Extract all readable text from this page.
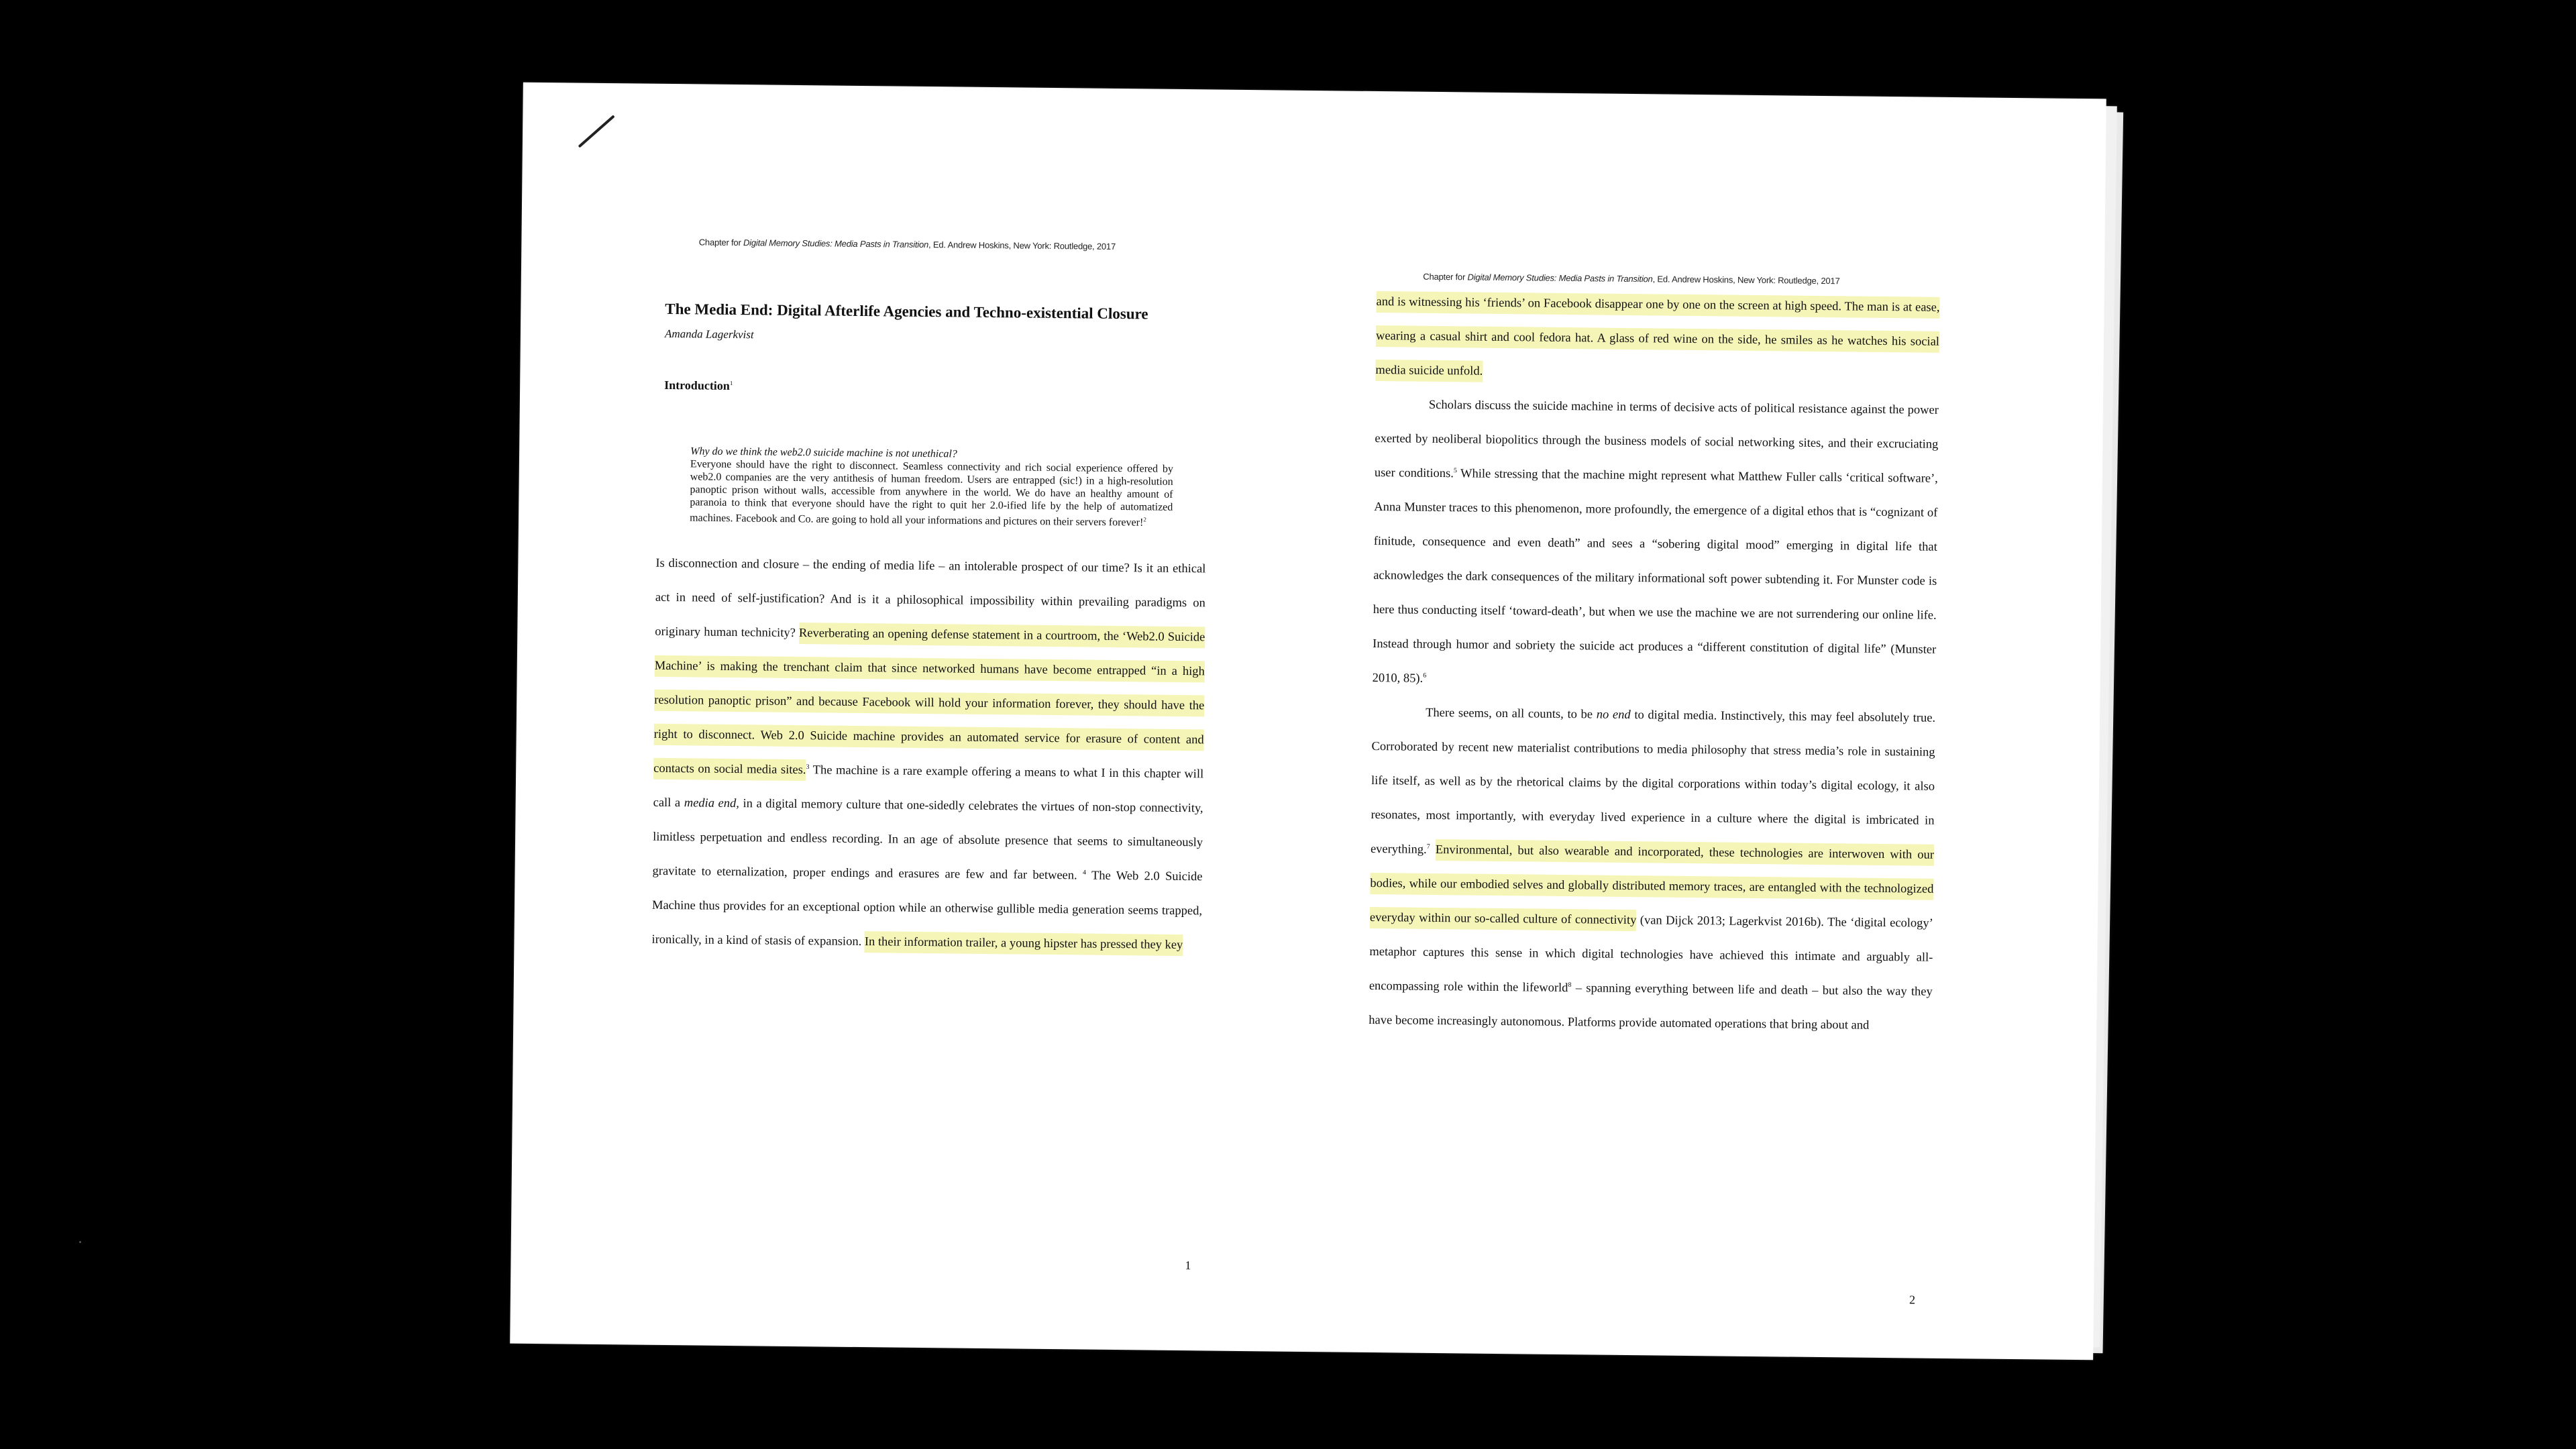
Chapter for Digital Memory Studies: Media Pasts in Transition, Ed. Andrew Hoskins, New York: Routledge, 2017
The Media End: Digital Afterlife Agencies and Techno-existential Closure
Amanda Lagerkvist
Introduction$^1$
Why do we think the web2.0 suicide machine is not unethical?
Everyone should have the right to disconnect. Seamless connectivity and rich social experience offered by web2.0 companies are the very antithesis of human freedom. Users are entrapped (sic!) in a high-resolution panoptic prison without walls, accessible from anywhere in the world. We do have an healthy amount of paranoia to think that everyone should have the right to quit her 2.0-ified life by the help of automatized machines. Facebook and Co. are going to hold all your informations and pictures on their servers forever!$^2$
Is disconnection and closure – the ending of media life – an intolerable prospect of our time? Is it an ethical act in need of self-justification? And is it a philosophical impossibility within prevailing paradigms on originary human technicity? Reverberating an opening defense statement in a courtroom, the ‘Web2.0 Suicide Machine’ is making the trenchant claim that since networked humans have become entrapped “in a high resolution panoptic prison” and because Facebook will hold your information forever, they should have the right to disconnect. Web 2.0 Suicide machine provides an automated service for erasure of content and contacts on social media sites.$^3$ The machine is a rare example offering a means to what I in this chapter will call a media end, in a digital memory culture that one-sidedly celebrates the virtues of non-stop connectivity, limitless perpetuation and endless recording. In an age of absolute presence that seems to simultaneously gravitate to eternalization, proper endings and erasures are few and far between. $^4$ The Web 2.0 Suicide Machine thus provides for an exceptional option while an otherwise gullible media generation seems trapped, ironically, in a kind of stasis of expansion. In their information trailer, a young hipster has pressed they key
1
Chapter for Digital Memory Studies: Media Pasts in Transition, Ed. Andrew Hoskins, New York: Routledge, 2017
and is witnessing his ‘friends’ on Facebook disappear one by one on the screen at high speed. The man is at ease, wearing a casual shirt and cool fedora hat. A glass of red wine on the side, he smiles as he watches his social media suicide unfold.
Scholars discuss the suicide machine in terms of decisive acts of political resistance against the power exerted by neoliberal biopolitics through the business models of social networking sites, and their excruciating user conditions.$^5$ While stressing that the machine might represent what Matthew Fuller calls ‘critical software’, Anna Munster traces to this phenomenon, more profoundly, the emergence of a digital ethos that is “cognizant of finitude, consequence and even death” and sees a “sobering digital mood” emerging in digital life that acknowledges the dark consequences of the military informational soft power subtending it. For Munster code is here thus conducting itself ‘toward-death’, but when we use the machine we are not surrendering our online life. Instead through humor and sobriety the suicide act produces a “different constitution of digital life” (Munster 2010, 85).$^6$
There seems, on all counts, to be no end to digital media. Instinctively, this may feel absolutely true. Corroborated by recent new materialist contributions to media philosophy that stress media’s role in sustaining life itself, as well as by the rhetorical claims by the digital corporations within today’s digital ecology, it also resonates, most importantly, with everyday lived experience in a culture where the digital is imbricated in everything.$^7$ Environmental, but also wearable and incorporated, these technologies are interwoven with our bodies, while our embodied selves and globally distributed memory traces, are entangled with the technologized everyday within our so-called culture of connectivity (van Dijck 2013; Lagerkvist 2016b). The ‘digital ecology’ metaphor captures this sense in which digital technologies have achieved this intimate and arguably all-encompassing role within the lifeworld$^8$ – spanning everything between life and death – but also the way they have become increasingly autonomous. Platforms provide automated operations that bring about and
2
